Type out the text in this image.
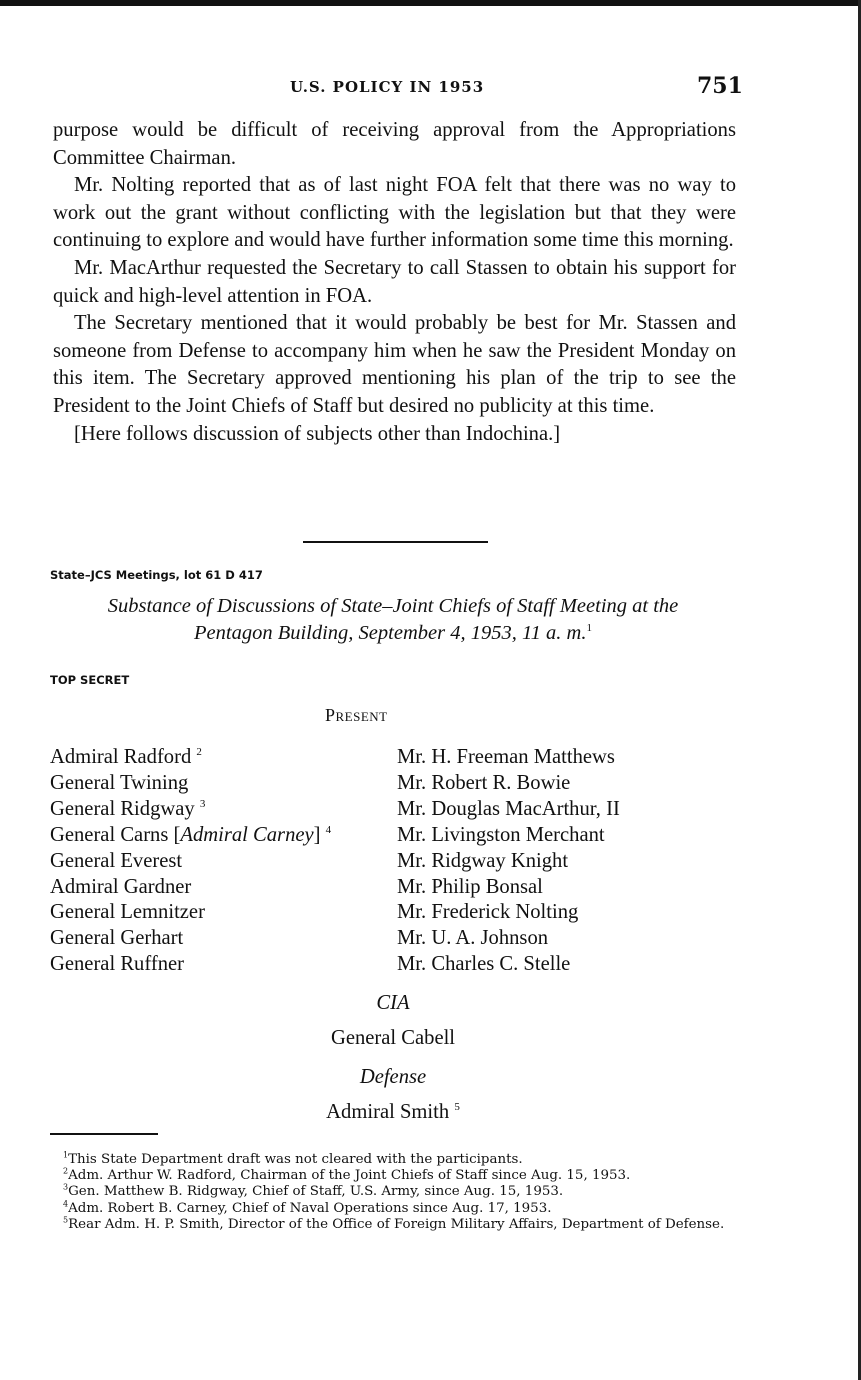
U.S. POLICY IN 1953	751

purpose would be difficult of receiving approval from the Appropriations Committee Chairman.

Mr. Nolting reported that as of last night FOA felt that there was no way to work out the grant without conflicting with the legislation but that they were continuing to explore and would have further information some time this morning.

Mr. MacArthur requested the Secretary to call Stassen to obtain his support for quick and high-level attention in FOA.

The Secretary mentioned that it would probably be best for Mr. Stassen and someone from Defense to accompany him when he saw the President Monday on this item. The Secretary approved mentioning his plan of the trip to see the President to the Joint Chiefs of Staff but desired no publicity at this time.

[Here follows discussion of subjects other than Indochina.]

State–JCS Meetings, lot 61 D 417
Substance of Discussions of State–Joint Chiefs of Staff Meeting at the
Pentagon Building, September 4, 1953, 11 a. m.$^1$
TOP SECRET
Present
Admiral Radford $^2$
General Twining
General Ridgway $^3$
General Carns [Admiral Carney] $^4$
General Everest
Admiral Gardner
General Lemnitzer
General Gerhart
General Ruffner
Mr. H. Freeman Matthews
Mr. Robert R. Bowie
Mr. Douglas MacArthur, II
Mr. Livingston Merchant
Mr. Ridgway Knight
Mr. Philip Bonsal
Mr. Frederick Nolting
Mr. U. A. Johnson
Mr. Charles C. Stelle
CIA
General Cabell
Defense
Admiral Smith $^5$

$^1$This State Department draft was not cleared with the participants.

$^2$Adm. Arthur W. Radford, Chairman of the Joint Chiefs of Staff since Aug. 15, 1953.

$^3$Gen. Matthew B. Ridgway, Chief of Staff, U.S. Army, since Aug. 15, 1953.

$^4$Adm. Robert B. Carney, Chief of Naval Operations since Aug. 17, 1953.

$^5$Rear Adm. H. P. Smith, Director of the Office of Foreign Military Affairs, Department of Defense.
